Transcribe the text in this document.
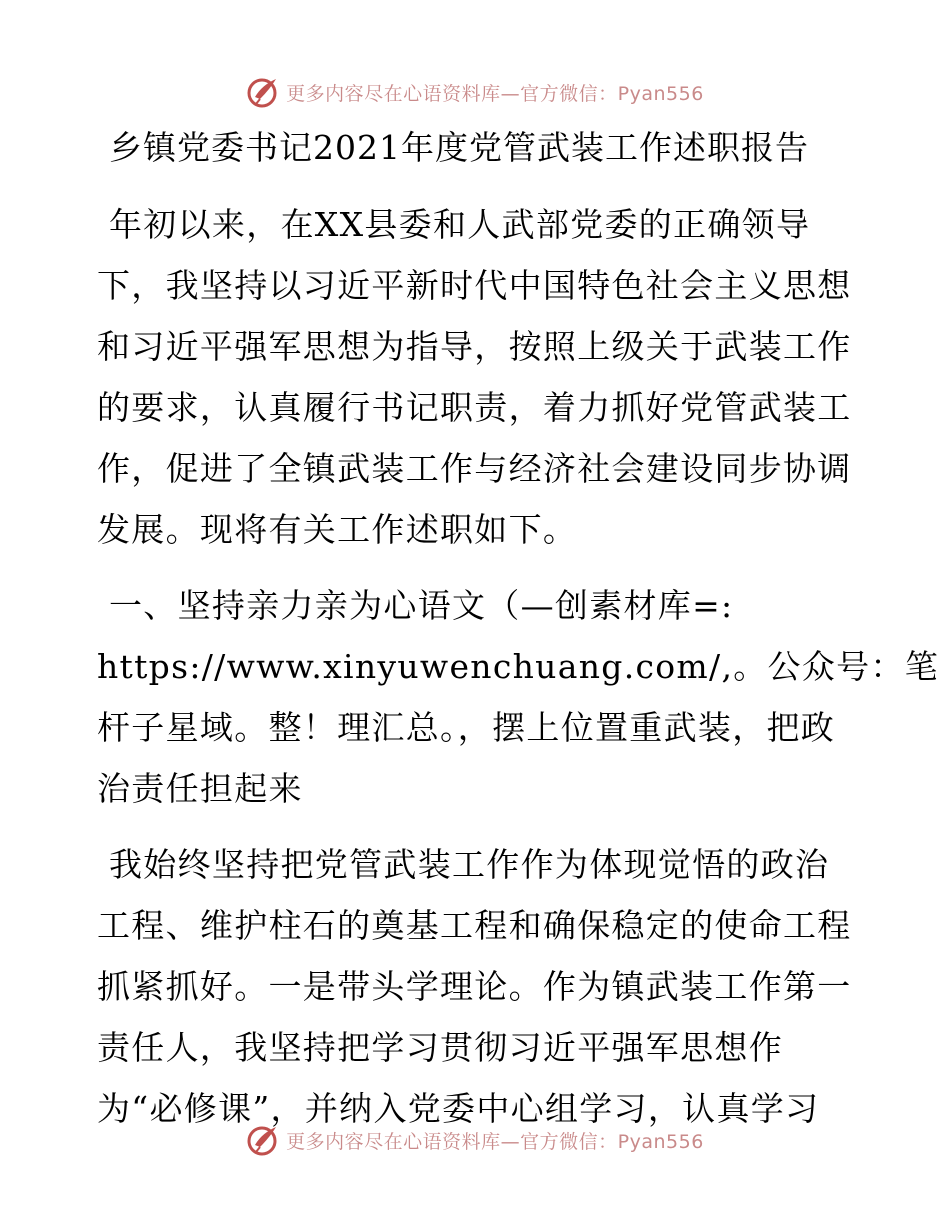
更多内容尽在心语资料库—官方微信：Pyan556
乡镇党委书记2021年度党管武装工作述职报告
年初以来，在XX县委和人武部党委的正确领导
下，我坚持以习近平新时代中国特色社会主义思想
和习近平强军思想为指导，按照上级关于武装工作
的要求，认真履行书记职责，着力抓好党管武装工
作，促进了全镇武装工作与经济社会建设同步协调
发展。现将有关工作述职如下。
一、坚持亲力亲为心语文（—创素材库=:
https://www.xinyuwenchuang.com/,。公众号：笔
杆子星域。整！理汇总。，摆上位置重武装，把政
治责任担起来
我始终坚持把党管武装工作作为体现觉悟的政治
工程、维护柱石的奠基工程和确保稳定的使命工程
抓紧抓好。一是带头学理论。作为镇武装工作第一
责任人，我坚持把学习贯彻习近平强军思想作
为“必修课”，并纳入党委中心组学习，认真学习
更多内容尽在心语资料库—官方微信：Pyan556
